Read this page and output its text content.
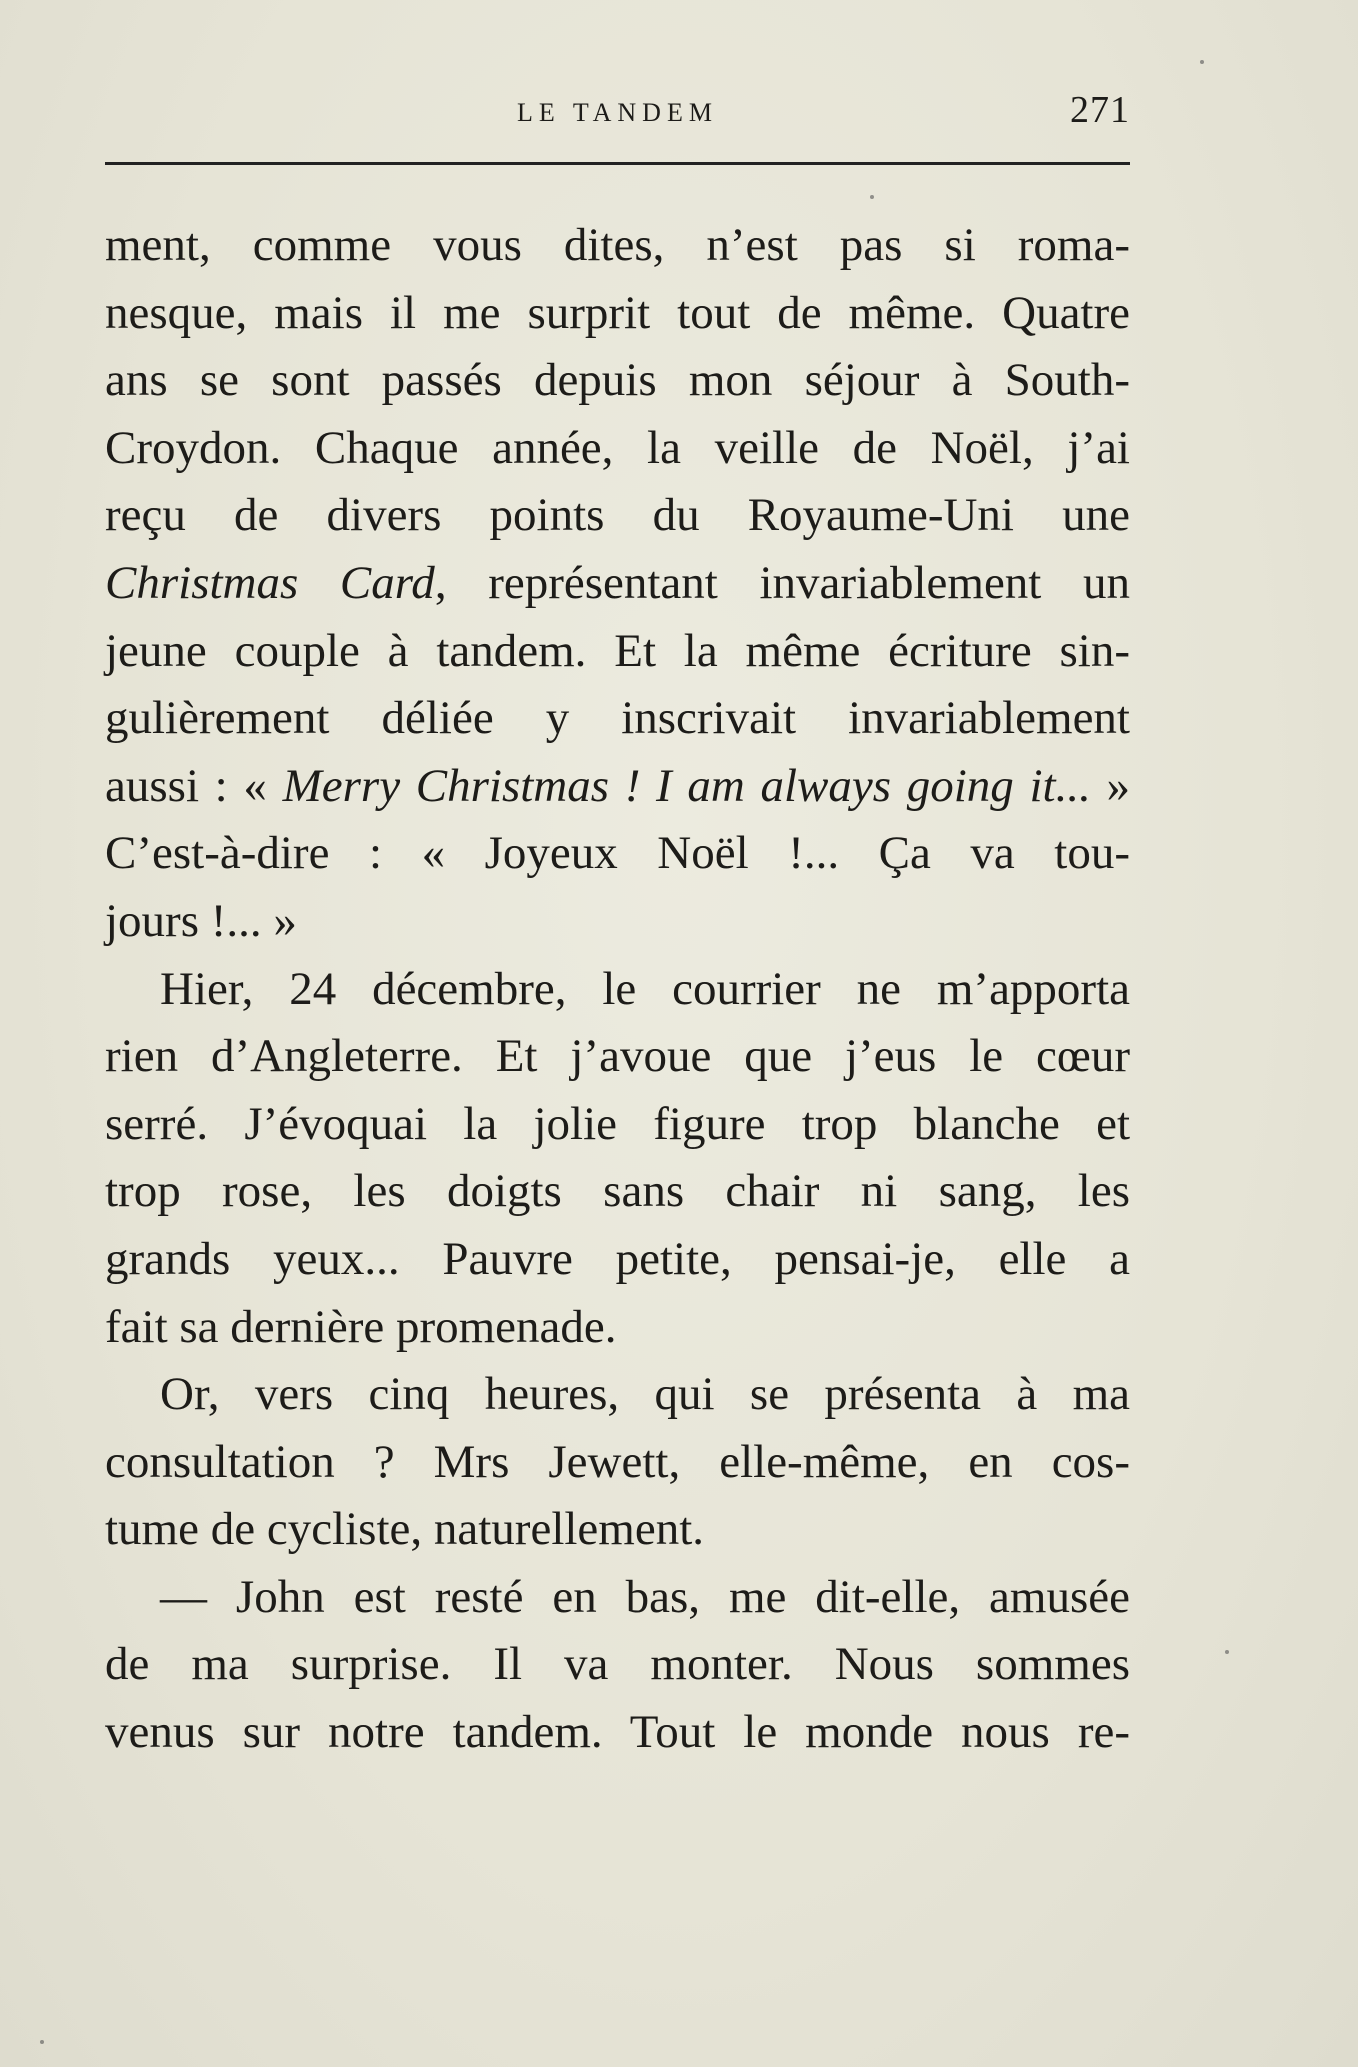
LE TANDEM	271
ment, comme vous dites, n’est pas si roma-
nesque, mais il me surprit tout de même. Quatre
ans se sont passés depuis mon séjour à South-
Croydon. Chaque année, la veille de Noël, j’ai
reçu de divers points du Royaume-Uni une
Christmas Card, représentant invariablement un
jeune couple à tandem. Et la même écriture sin-
gulièrement déliée y inscrivait invariablement
aussi : « Merry Christmas ! I am always going it... »
C’est-à-dire : « Joyeux Noël !... Ça va tou-
jours !... »
Hier, 24 décembre, le courrier ne m’apporta
rien d’Angleterre. Et j’avoue que j’eus le cœur
serré. J’évoquai la jolie figure trop blanche et
trop rose, les doigts sans chair ni sang, les
grands yeux... Pauvre petite, pensai-je, elle a
fait sa dernière promenade.
Or, vers cinq heures, qui se présenta à ma
consultation ? Mrs Jewett, elle-même, en cos-
tume de cycliste, naturellement.
— John est resté en bas, me dit-elle, amusée
de ma surprise. Il va monter. Nous sommes
venus sur notre tandem. Tout le monde nous re-
